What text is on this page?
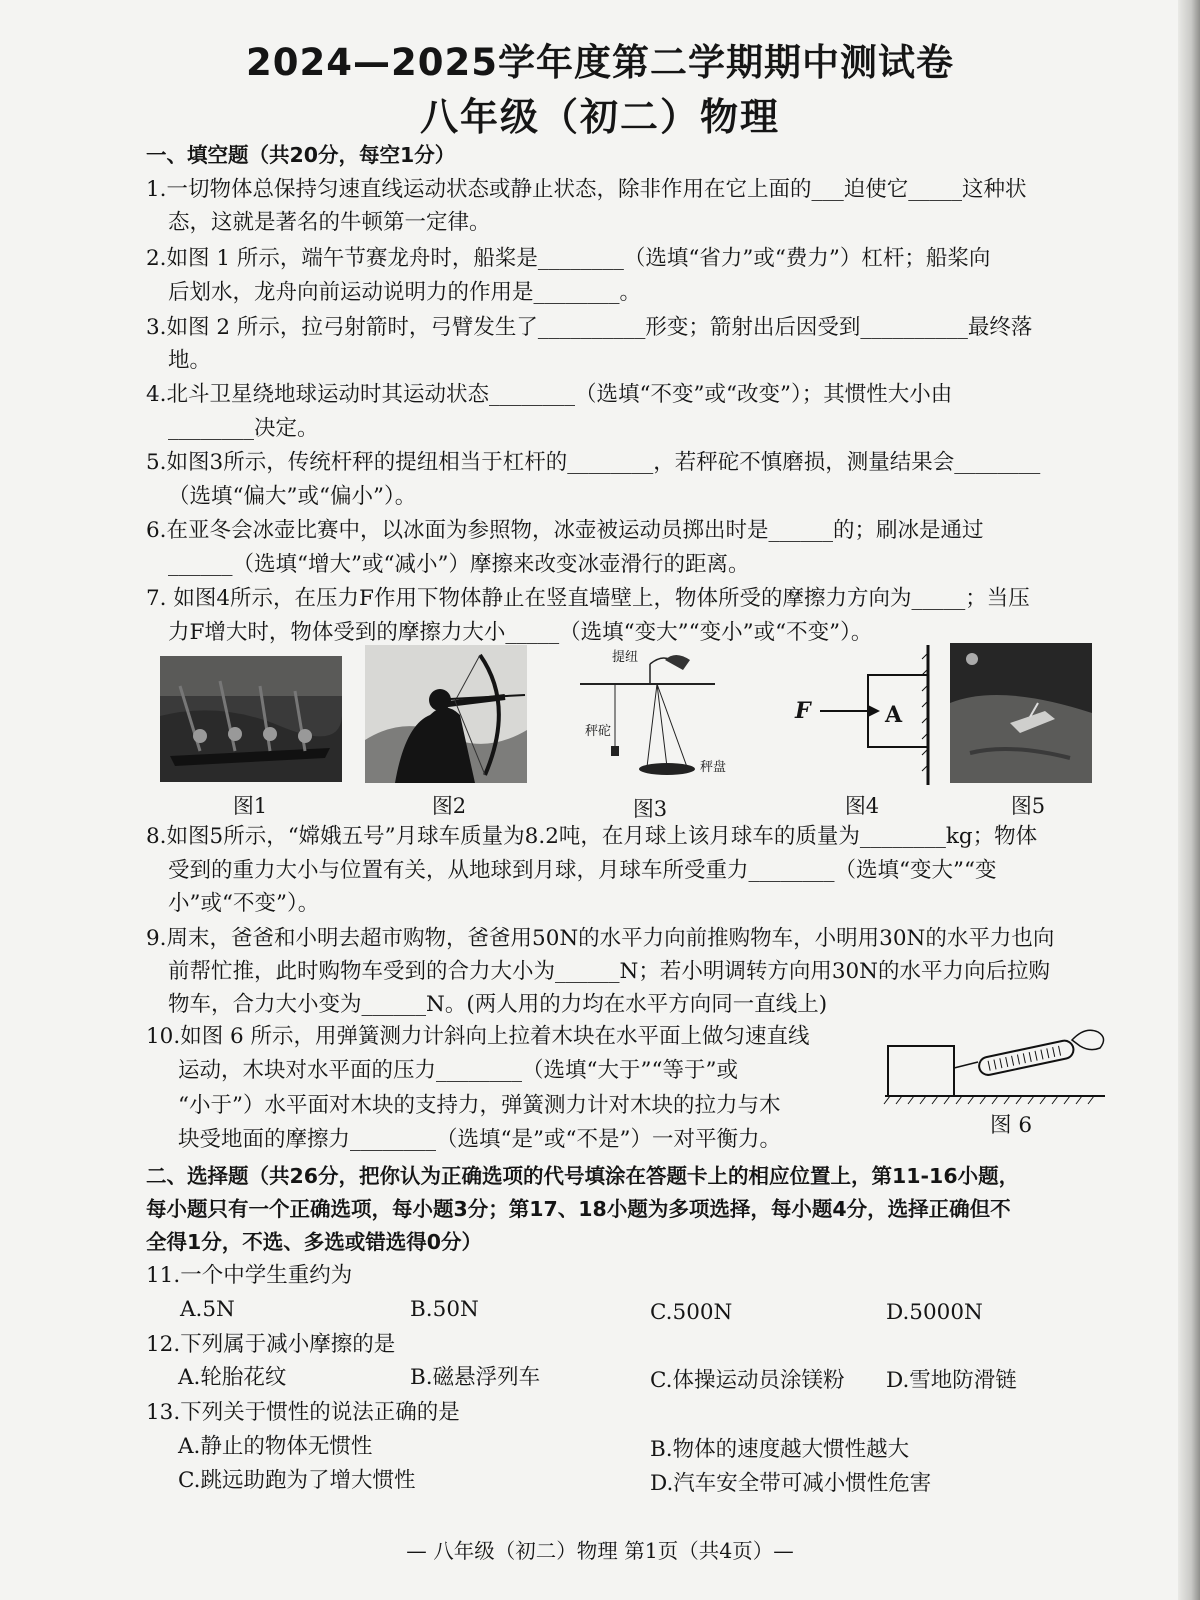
2024—2025学年度第二学期期中测试卷
八年级（初二）物理
一、填空题（共20分，每空1分）
1.一切物体总保持匀速直线运动状态或静止状态，除非作用在它上面的___迫使它_____这种状
态，这就是著名的牛顿第一定律。
2.如图 1 所示，端午节赛龙舟时，船桨是________（选填“省力”或“费力”）杠杆；船桨向
后划水，龙舟向前运动说明力的作用是________。
3.如图 2 所示，拉弓射箭时，弓臂发生了__________形变；箭射出后因受到__________最终落
地。
4.北斗卫星绕地球运动时其运动状态________（选填“不变”或“改变”）；其惯性大小由
________决定。
5.如图3所示，传统杆秤的提纽相当于杠杆的________，若秤砣不慎磨损，测量结果会________
（选填“偏大”或“偏小”）。
6.在亚冬会冰壶比赛中，以冰面为参照物，冰壶被运动员掷出时是______的；刷冰是通过
______（选填“增大”或“减小”）摩擦来改变冰壶滑行的距离。
7. 如图4所示，在压力F作用下物体静止在竖直墙壁上，物体所受的摩擦力方向为_____；当压
力F增大时，物体受到的摩擦力大小_____（选填“变大”“变小”或“不变”）。
图1	图2
提纽
秤砣
秤盘
图3
F	A
图4	图5
8.如图5所示，“嫦娥五号”月球车质量为8.2吨，在月球上该月球车的质量为________kg；物体
受到的重力大小与位置有关，从地球到月球，月球车所受重力________（选填“变大”“变
小”或“不变”）。
9.周末，爸爸和小明去超市购物，爸爸用50N的水平力向前推购物车，小明用30N的水平力也向
前帮忙推，此时购物车受到的合力大小为______N；若小明调转方向用30N的水平力向后拉购
物车，合力大小变为______N。(两人用的力均在水平方向同一直线上)
10.如图 6 所示，用弹簧测力计斜向上拉着木块在水平面上做匀速直线
运动，木块对水平面的压力________（选填“大于”“等于”或
“小于”）水平面对木块的支持力，弹簧测力计对木块的拉力与木
块受地面的摩擦力________（选填“是”或“不是”）一对平衡力。
图 6
二、选择题（共26分，把你认为正确选项的代号填涂在答题卡上的相应位置上，第11-16小题，
每小题只有一个正确选项，每小题3分；第17、18小题为多项选择，每小题4分，选择正确但不
全得1分，不选、多选或错选得0分）
11.一个中学生重约为
A.5N	B.50N	C.500N	D.5000N
12.下列属于减小摩擦的是
A.轮胎花纹	B.磁悬浮列车	C.体操运动员涂镁粉 D.雪地防滑链
13.下列关于惯性的说法正确的是
A.静止的物体无惯性	B.物体的速度越大惯性越大
C.跳远助跑为了增大惯性	D.汽车安全带可减小惯性危害
— 八年级（初二）物理 第1页（共4页）—
